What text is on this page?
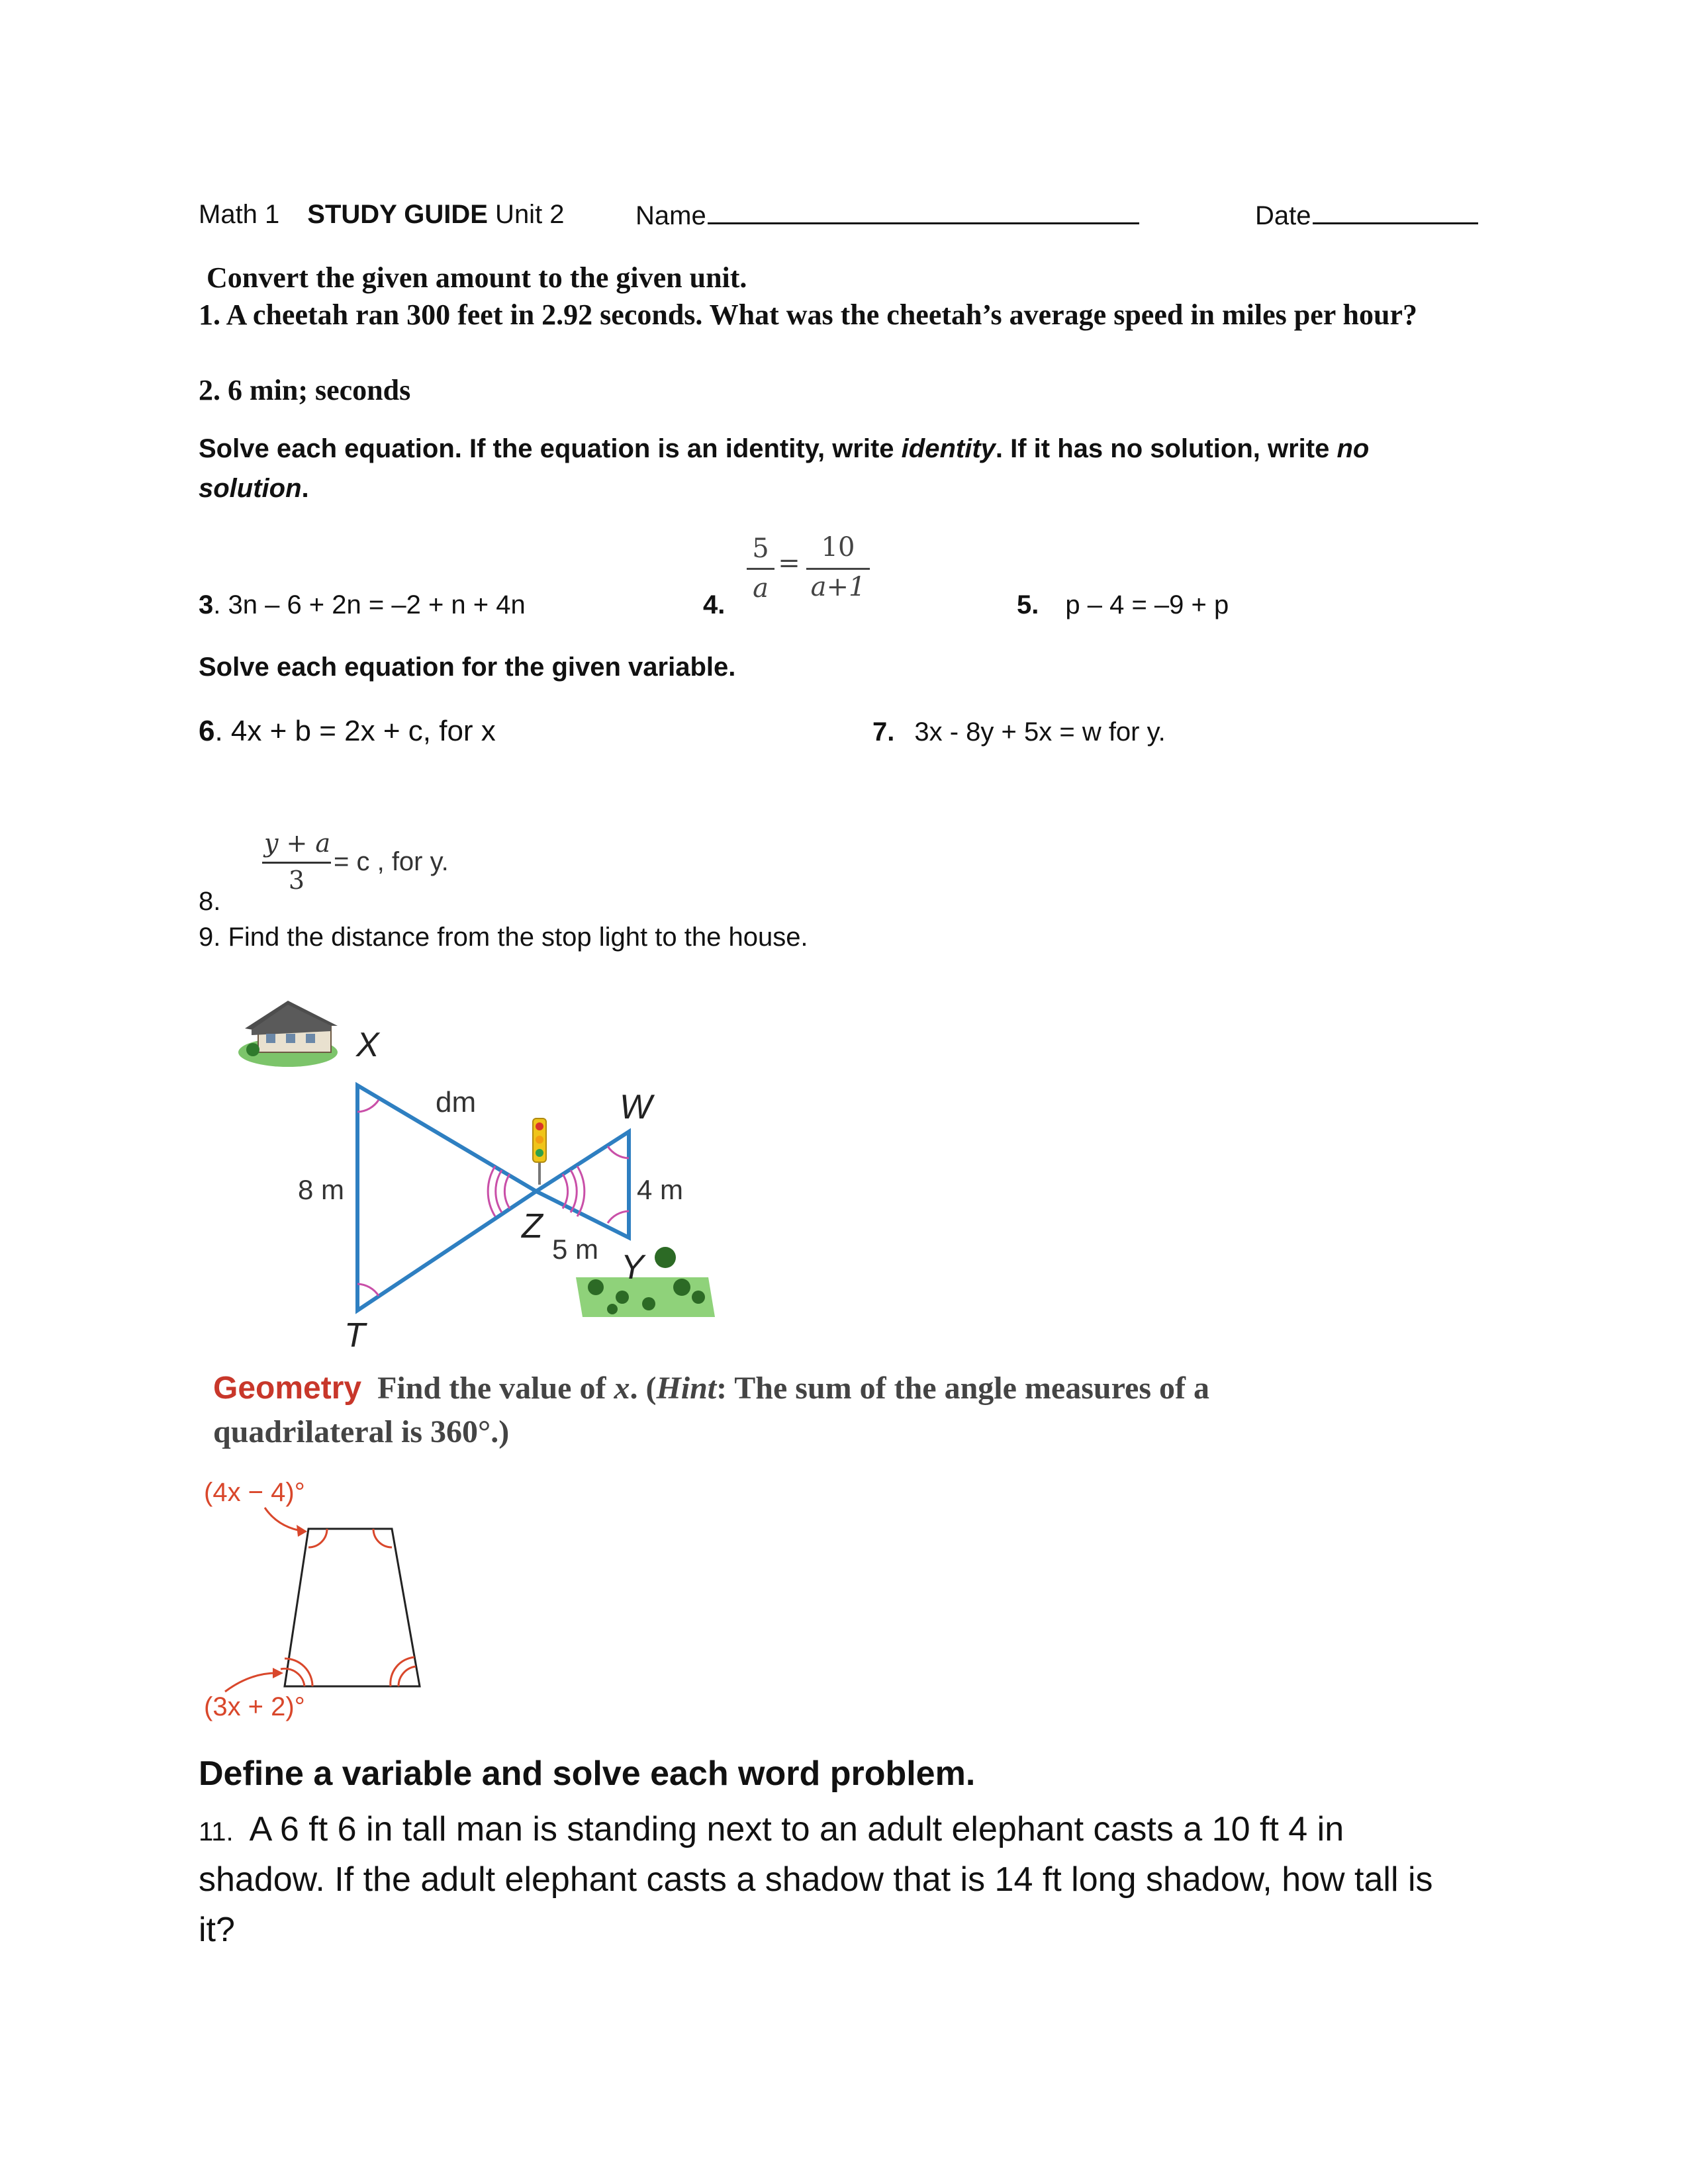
Math 1 STUDY GUIDE Unit 2	Name	Date
Convert the given amount to the given unit.
1. A cheetah ran 300 feet in 2.92 seconds. What was the cheetah’s average speed in miles per hour?
2. 6 min; seconds
Solve each equation. If the equation is an identity, write identity. If it has no solution, write no
solution.
3. 3n – 6 + 2n = –2 + n + 4n	4.
5
a
=
10
a+1
5. p – 4 = –9 + p
Solve each equation for the given variable.
6. 4x + b = 2x + c, for x	7. 3x - 8y + 5x = w for y.
y + a
3
= c , for y.
8.
9. Find the distance from the stop light to the house.
X
W
Z
Y
T
dm
8 m	4 m
5 m
Geometry Find the value of x. (Hint: The sum of the angle measures of a
quadrilateral is 360°.)
(4x − 4)°
(3x + 2)°
Define a variable and solve each word problem.
11. A 6 ft 6 in tall man is standing next to an adult elephant casts a 10 ft 4 in
shadow. If the adult elephant casts a shadow that is 14 ft long shadow, how tall is
it?
